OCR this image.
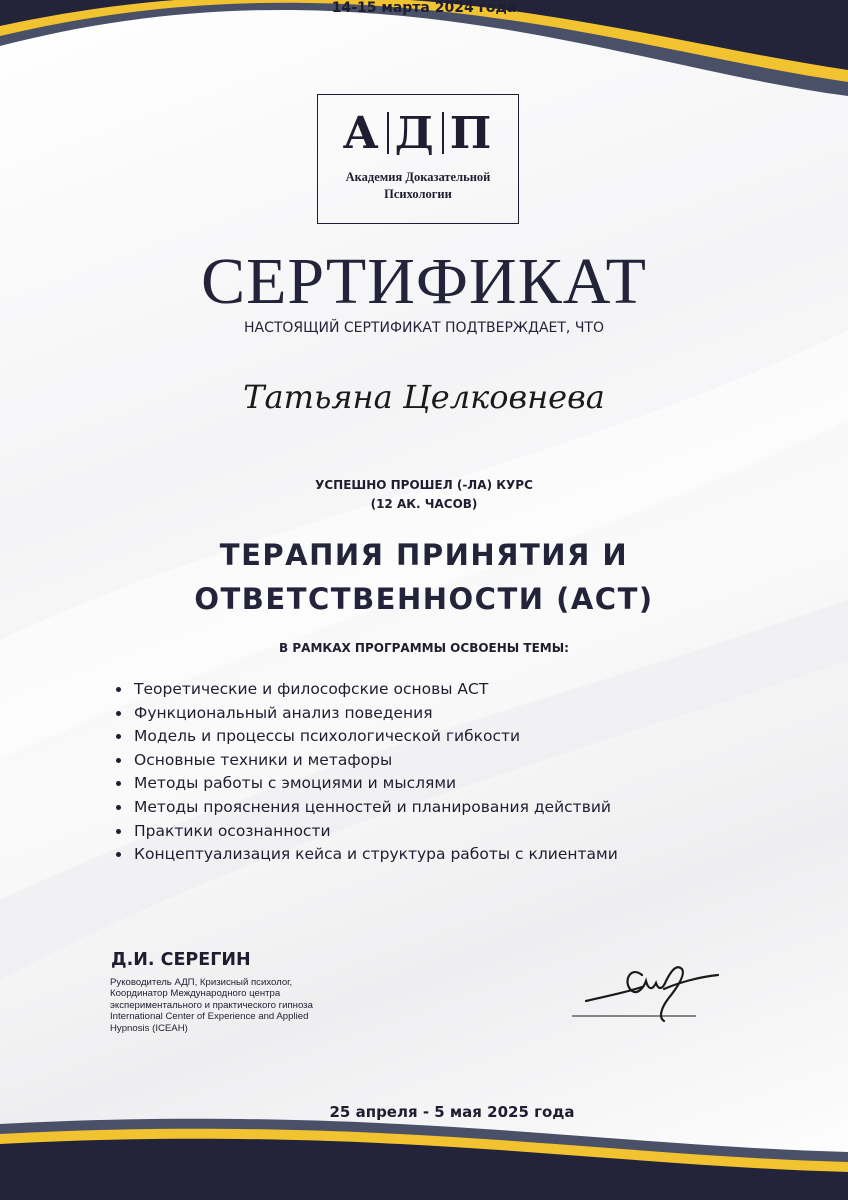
14-15 марта 2024 года
А Д П
Академия Доказательной Психологии
СЕРТИФИКАТ
НАСТОЯЩИЙ СЕРТИФИКАТ ПОДТВЕРЖДАЕТ, ЧТО
Татьяна Целковнева
УСПЕШНО ПРОШЕЛ (-ЛА) КУРС
(12 АК. ЧАСОВ)
ТЕРАПИЯ ПРИНЯТИЯ И
ОТВЕТСТВЕННОСТИ (АСТ)
В РАМКАХ ПРОГРАММЫ ОСВОЕНЫ ТЕМЫ:
• Теоретические и философские основы АСТ
• Функциональный анализ поведения
• Модель и процессы психологической гибкости
• Основные техники и метафоры
• Методы работы с эмоциями и мыслями
• Методы прояснения ценностей и планирования действий
• Практики осознанности
• Концептуализация кейса и структура работы с клиентами
Д.И. СЕРЕГИН
Руководитель АДП, Кризисный психолог, Координатор Международного центра экспериментального и практического гипноза International Center of Experience and Applied Hypnosis (ICEAH)
25 апреля - 5 мая 2025 года
